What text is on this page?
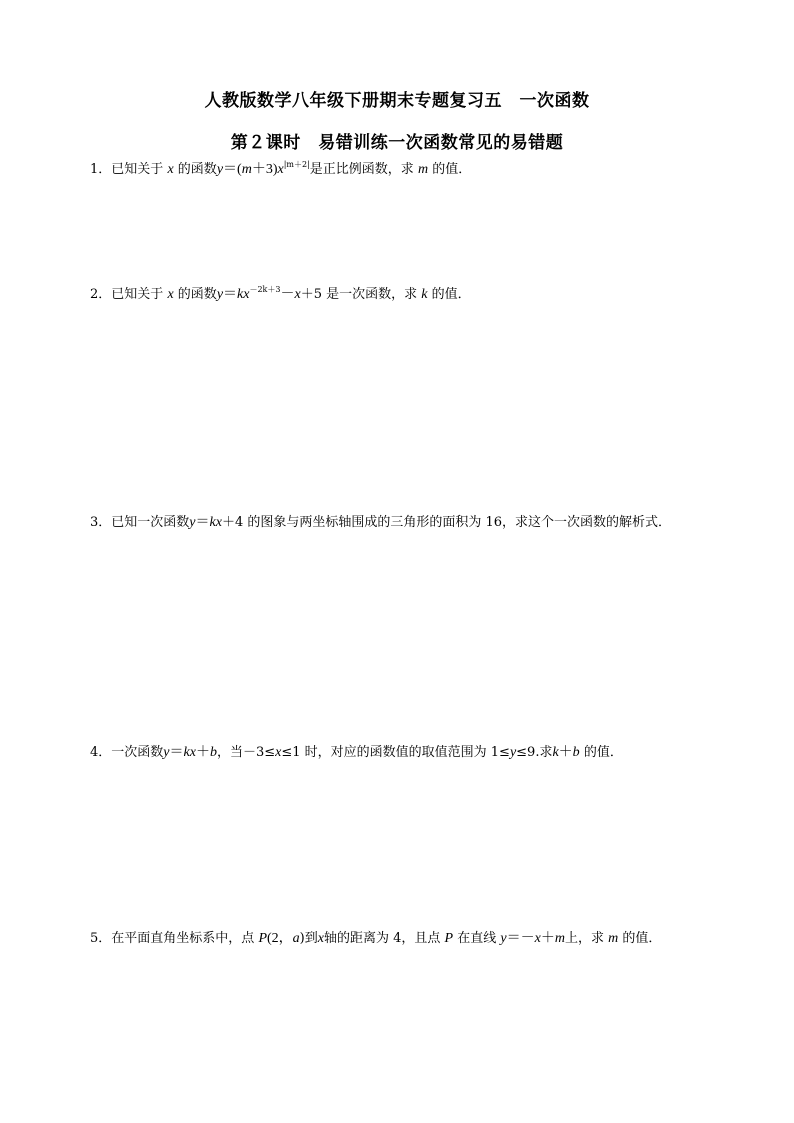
人教版数学八年级下册期末专题复习五　一次函数
第２课时　易错训练一次函数常见的易错题
1．已知关于 x 的函数$y=(m+3)x^{|m+2|}$是正比例函数，求 m 的值．
2．已知关于 x 的函数$y=kx^{-2k+3}-x+5$ 是一次函数，求 k 的值．
3．已知一次函数y＝kx＋4 的图象与两坐标轴围成的三角形的面积为 16，求这个一次函数的解析式．
4．一次函数y＝kx＋b，当－3≤x≤1 时，对应的函数值的取值范围为 1≤y≤9.求k＋b 的值．
5．在平面直角坐标系中，点 P(2，a)到x轴的距离为 4，且点 P 在直线 y＝－x＋m上，求 m 的值．
